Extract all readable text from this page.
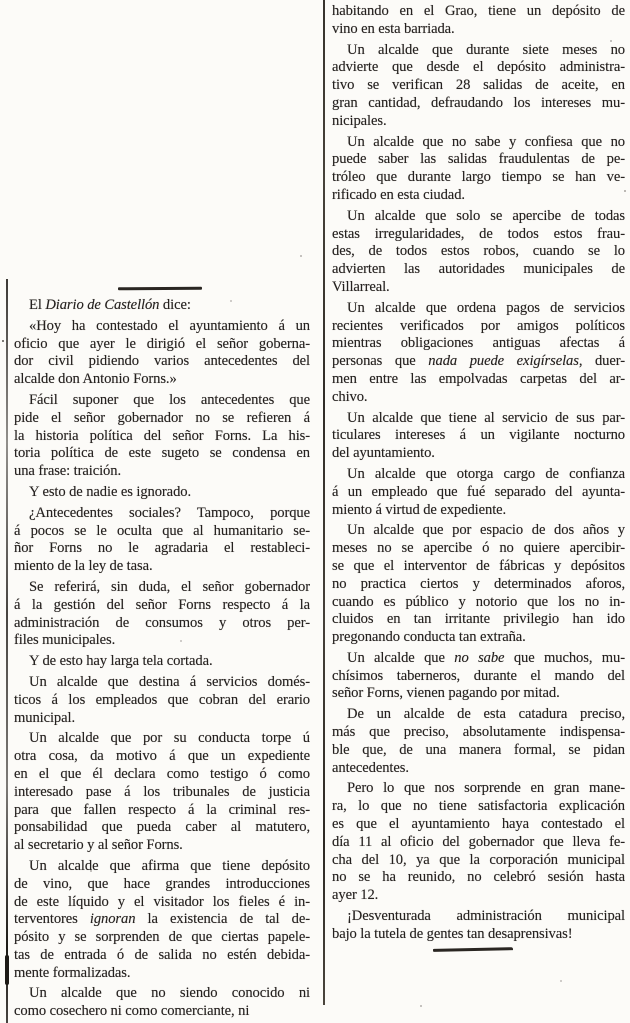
El Diario de Castellón dice:

«Hoy ha contestado el ayuntamiento á un
oficio que ayer le dirigió el señor goberna-
dor civil pidiendo varios antecedentes del
alcalde don Antonio Forns.»

Fácil suponer que los antecedentes que
pide el señor gobernador no se refieren á
la historia política del señor Forns. La his-
toria política de este sugeto se condensa en
una frase: traición.

Y esto de nadie es ignorado.

¿Antecedentes sociales? Tampoco, porque
á pocos se le oculta que al humanitario se-
ñor Forns no le agradaria el restableci-
miento de la ley de tasa.

Se referirá, sin duda, el señor gobernador
á la gestión del señor Forns respecto á la
administración de consumos y otros per-
files municipales.

Y de esto hay larga tela cortada.

Un alcalde que destina á servicios domés-
ticos á los empleados que cobran del erario
municipal.

Un alcalde que por su conducta torpe ú
otra cosa, da motivo á que un expediente
en el que él declara como testigo ó como
interesado pase á los tribunales de justicia
para que fallen respecto á la criminal res-
ponsabilidad que pueda caber al matutero,
al secretario y al señor Forns.

Un alcalde que afirma que tiene depósito
de vino, que hace grandes introducciones
de este líquido y el visitador los fieles é in-
terventores ignoran la existencia de tal de-
pósito y se sorprenden de que ciertas papele-
tas de entrada ó de salida no estén debida-
mente formalizadas.

Un alcalde que no siendo conocido ni
como cosechero ni como comerciante, ni

habitando en el Grao, tiene un depósito de
vino en esta barriada.

Un alcalde que durante siete meses no
advierte que desde el depósito administra-
tivo se verifican 28 salidas de aceite, en
gran cantidad, defraudando los intereses mu-
nicipales.

Un alcalde que no sabe y confiesa que no
puede saber las salidas fraudulentas de pe-
tróleo que durante largo tiempo se han ve-
rificado en esta ciudad.

Un alcalde que solo se apercibe de todas
estas irregularidades, de todos estos frau-
des, de todos estos robos, cuando se lo
advierten las autoridades municipales de
Villarreal.

Un alcalde que ordena pagos de servicios
recientes verificados por amigos políticos
mientras obligaciones antiguas afectas á
personas que nada puede exigírselas, duer-
men entre las empolvadas carpetas del ar-
chivo.

Un alcalde que tiene al servicio de sus par-
ticulares intereses á un vigilante nocturno
del ayuntamiento.

Un alcalde que otorga cargo de confianza
á un empleado que fué separado del ayunta-
miento á virtud de expediente.

Un alcalde que por espacio de dos años y
meses no se apercibe ó no quiere apercibir-
se que el interventor de fábricas y depósitos
no practica ciertos y determinados aforos,
cuando es público y notorio que los no in-
cluidos en tan irritante privilegio han ido
pregonando conducta tan extraña.

Un alcalde que no sabe que muchos, mu-
chísimos taberneros, durante el mando del
señor Forns, vienen pagando por mitad.

De un alcalde de esta catadura preciso,
más que preciso, absolutamente indispensa-
ble que, de una manera formal, se pidan
antecedentes.

Pero lo que nos sorprende en gran mane-
ra, lo que no tiene satisfactoria explicación
es que el ayuntamiento haya contestado el
día 11 al oficio del gobernador que lleva fe-
cha del 10, ya que la corporación municipal
no se ha reunido, no celebró sesión hasta
ayer 12.

¡Desventurada administración municipal
bajo la tutela de gentes tan desaprensivas!
